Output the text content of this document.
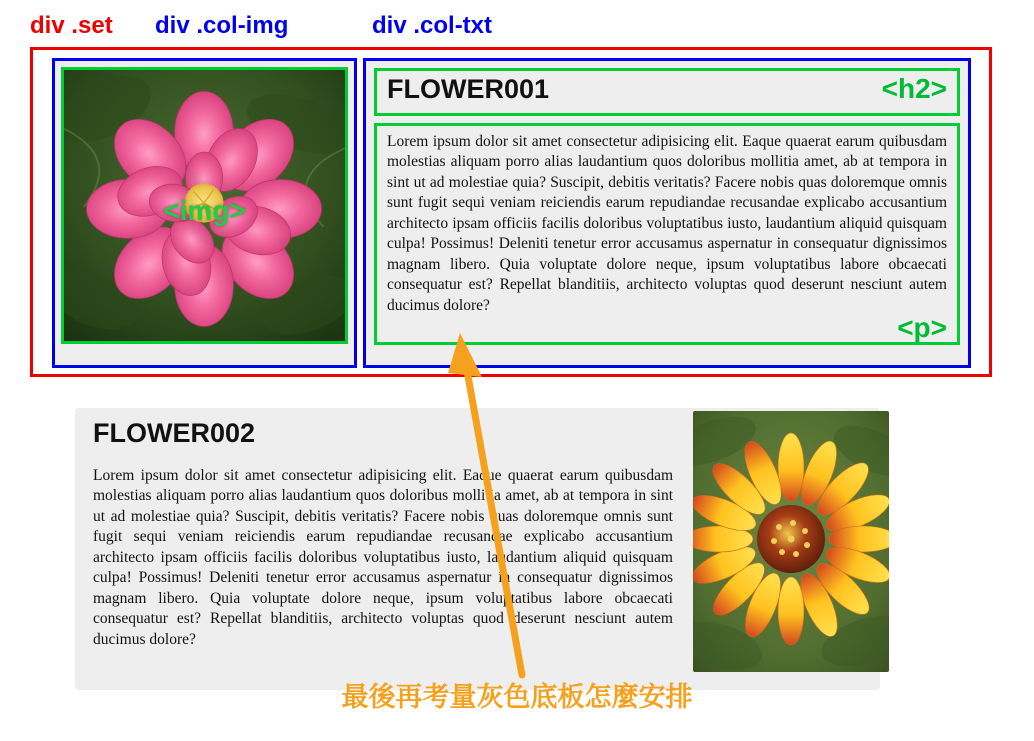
div .set div .col-img	div .col-txt
<img>
FLOWER001	<h2>

Lorem ipsum dolor sit amet consectetur adipisicing elit. Eaque quaerat earum quibusdam molestias aliquam porro alias laudantium quos doloribus mollitia amet, ab at tempora in sint ut ad molestiae quia? Suscipit, debitis veritatis? Facere nobis quas doloremque omnis sunt fugit sequi veniam reiciendis earum repudiandae recusandae explicabo accusantium architecto ipsam officiis facilis doloribus voluptatibus iusto, laudantium aliquid quisquam culpa! Possimus! Deleniti tenetur error accusamus aspernatur in consequatur dignissimos magnam libero. Quia voluptate dolore neque, ipsum voluptatibus labore obcaecati consequatur est? Repellat blanditiis, architecto voluptas quod deserunt nesciunt autem ducimus dolore?

<p>
FLOWER002

Lorem ipsum dolor sit amet consectetur adipisicing elit. Eaque quaerat earum quibusdam molestias aliquam porro alias laudantium quos doloribus mollitia amet, ab at tempora in sint ut ad molestiae quia? Suscipit, debitis veritatis? Facere nobis quas doloremque omnis sunt fugit sequi veniam reiciendis earum repudiandae recusandae explicabo accusantium architecto ipsam officiis facilis doloribus voluptatibus iusto, laudantium aliquid quisquam culpa! Possimus! Deleniti tenetur error accusamus aspernatur in consequatur dignissimos magnam libero. Quia voluptate dolore neque, ipsum voluptatibus labore obcaecati consequatur est? Repellat blanditiis, architecto voluptas quod deserunt nesciunt autem ducimus dolore?

最後再考量灰色底板怎麼安排
